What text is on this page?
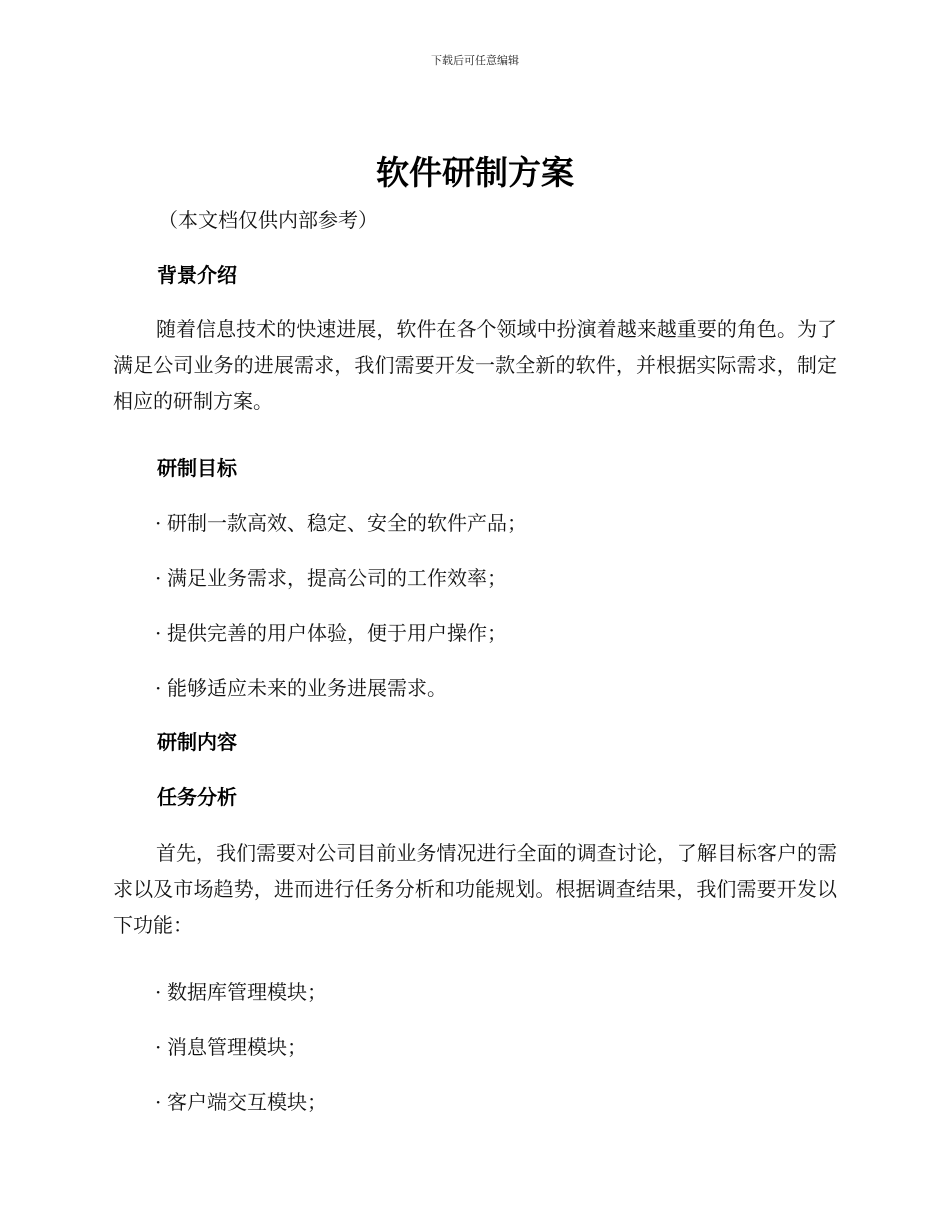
下载后可任意编辑
软件研制方案

（本文档仅供内部参考）

背景介绍

随着信息技术的快速进展，软件在各个领域中扮演着越来越重要的角色。为了满足公司业务的进展需求，我们需要开发一款全新的软件，并根据实际需求，制定相应的研制方案。

研制目标

· 研制一款高效、稳定、安全的软件产品；

· 满足业务需求，提高公司的工作效率；

· 提供完善的用户体验，便于用户操作；

· 能够适应未来的业务进展需求。

研制内容
任务分析

首先，我们需要对公司目前业务情况进行全面的调查讨论，了解目标客户的需求以及市场趋势，进而进行任务分析和功能规划。根据调查结果，我们需要开发以下功能：

· 数据库管理模块；

· 消息管理模块；

· 客户端交互模块；
